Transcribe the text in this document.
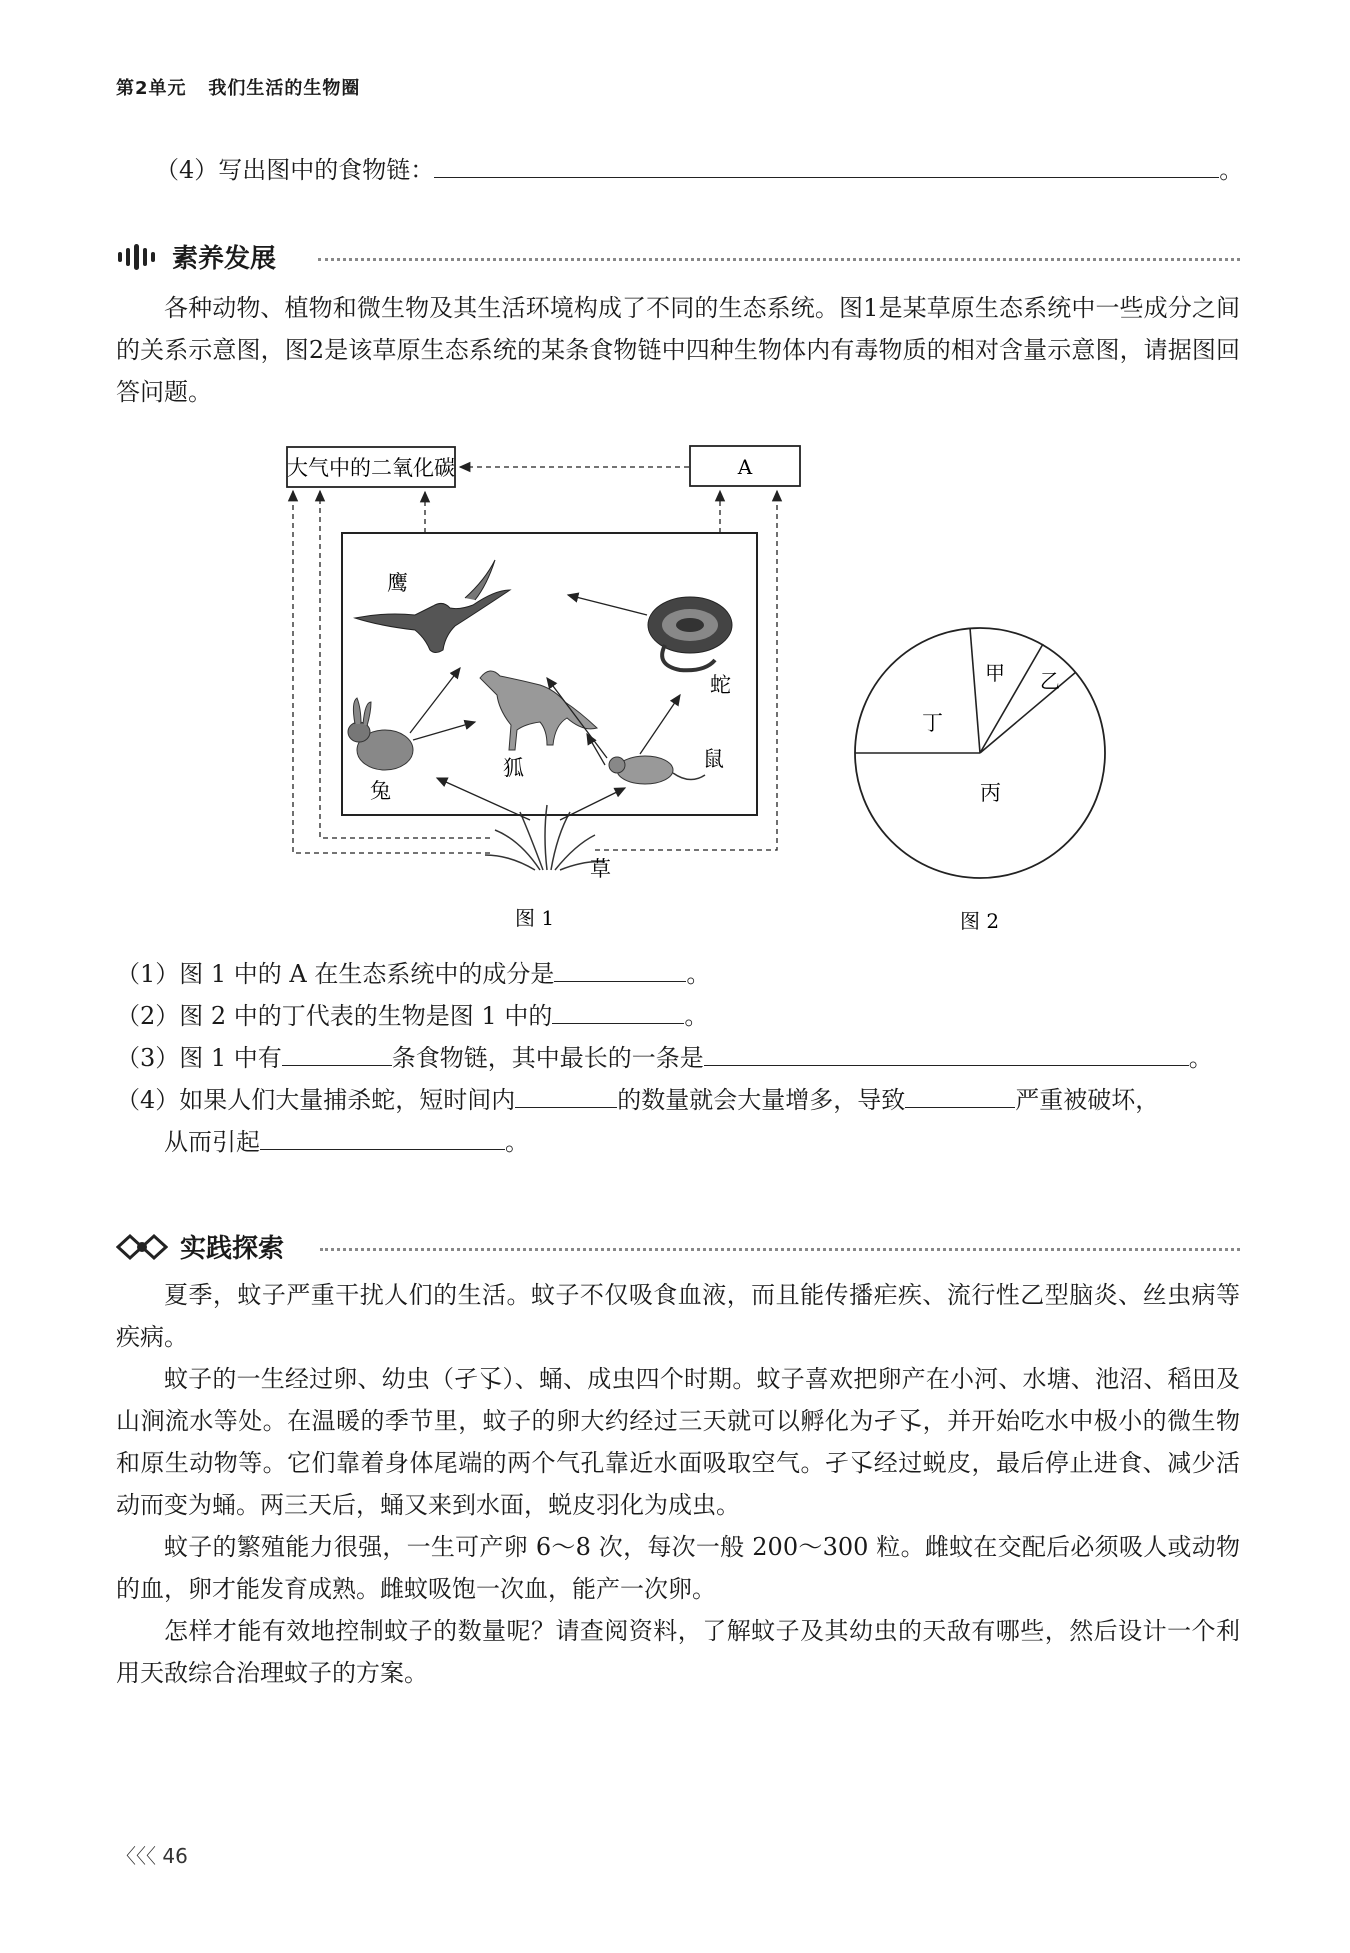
第2单元 我们生活的生物圈
（4）写出图中的食物链：	。
素养发展
各种动物、植物和微生物及其生活环境构成了不同的生态系统。图1是某草原生态系统中一些成分之间的关系示意图，图2是该草原生态系统的某条食物链中四种生物体内有毒物质的相对含量示意图，请据图回答问题。
大气中的二氧化碳	A
鹰
蛇
狐
兔
鼠
草
图 1
丁
甲 乙
丙
图 2
（1）图 1 中的 A 在生态系统中的成分是	。
（2）图 2 中的丁代表的生物是图 1 中的	。
（3）图 1 中有	条食物链，其中最长的一条是	。
（4）如果人们大量捕杀蛇，短时间内	的数量就会大量增多，导致	严重被破坏，
从而引起	。
实践探索
夏季，蚊子严重干扰人们的生活。蚊子不仅吸食血液，而且能传播疟疾、流行性乙型脑炎、丝虫病等疾病。
蚊子的一生经过卵、幼虫（孑孓）、蛹、成虫四个时期。蚊子喜欢把卵产在小河、水塘、池沼、稻田及山涧流水等处。在温暖的季节里，蚊子的卵大约经过三天就可以孵化为孑孓，并开始吃水中极小的微生物和原生动物等。它们靠着身体尾端的两个气孔靠近水面吸取空气。孑孓经过蜕皮，最后停止进食、减少活动而变为蛹。两三天后，蛹又来到水面，蜕皮羽化为成虫。
蚊子的繁殖能力很强，一生可产卵 6～8 次，每次一般 200～300 粒。雌蚊在交配后必须吸人或动物的血，卵才能发育成熟。雌蚊吸饱一次血，能产一次卵。
怎样才能有效地控制蚊子的数量呢？请查阅资料，了解蚊子及其幼虫的天敌有哪些，然后设计一个利用天敌综合治理蚊子的方案。
〈〈〈 46
